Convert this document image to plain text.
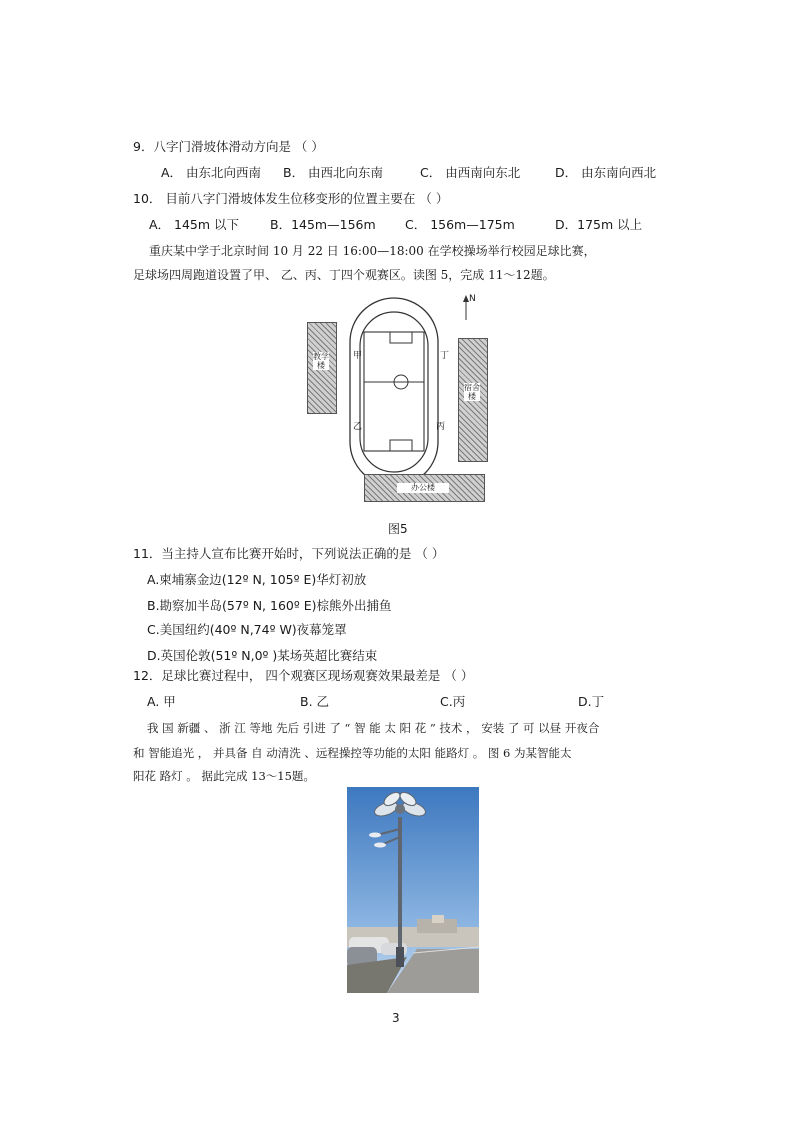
9．八字门滑坡体滑动方向是 （ ）
A． 由东北向西南 B． 由西北向东南	C． 由西南向东北	D． 由东南向西北
10． 目前八字门滑坡体发生位移变形的位置主要在 （ ）
A． 145m 以下 B．145m—156m C． 156m—175m	D．175m 以上
重庆某中学于北京时间 10 月 22 日 16:00—18:00 在学校操场举行校园足球比赛，
足球场四周跑道设置了甲、 乙、丙、丁四个观赛区。读图 5，完成 11～12题。
N
甲	丁
乙	丙
教学楼
宿舍楼
办公楼
图5
11．当主持人宣布比赛开始时，下列说法正确的是 （ ）
A.柬埔寨金边(12º N, 105º E)华灯初放
B.勘察加半岛(57º N, 160º E)棕熊外出捕鱼
C.美国纽约(40º N,74º W)夜幕笼罩
D.英国伦敦(51º N,0º )某场英超比赛结束
12．足球比赛过程中， 四个观赛区现场观赛效果最差是 （ ）
A. 甲	B. 乙	C.丙	D.丁
我 国 新疆 、 浙 江 等地 先后 引进 了 “ 智 能 太 阳 花 ” 技术 ， 安装 了 可 以昼 开夜合
和 智能追光 ， 并具备 自 动清洗 、远程操控等功能的太阳 能路灯 。 图 6 为某智能太
阳花 路灯 。 据此完成 13～15题。
3
